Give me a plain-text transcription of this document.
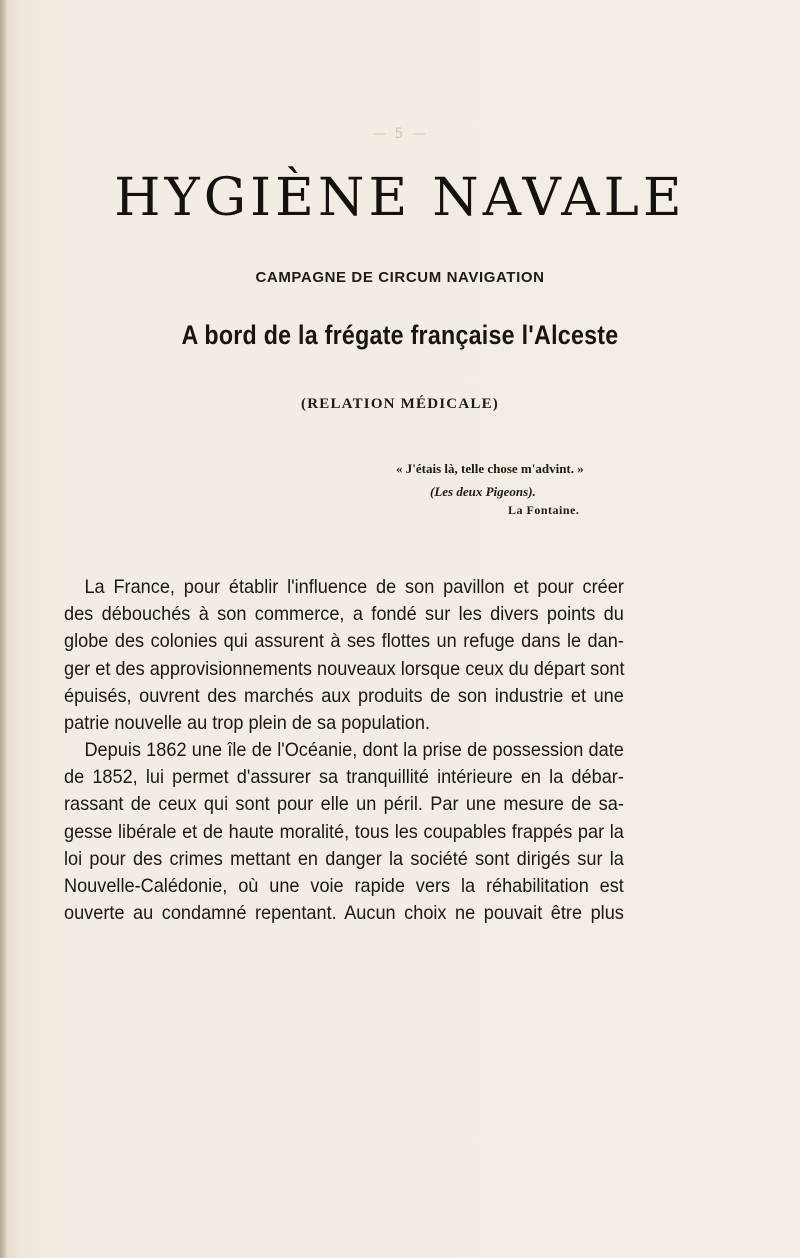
— 5 —
HYGIÈNE NAVALE
CAMPAGNE DE CIRCUM NAVIGATION
A bord de la frégate française l'Alceste
(RELATION MÉDICALE)
« J'étais là, telle chose m'advint. »
(Les deux Pigeons).
La Fontaine.
La France, pour établir l'influence de son pavillon et pour créer
des débouchés à son commerce, a fondé sur les divers points du
globe des colonies qui assurent à ses flottes un refuge dans le dan-
ger et des approvisionnements nouveaux lorsque ceux du départ sont
épuisés, ouvrent des marchés aux produits de son industrie et une
patrie nouvelle au trop plein de sa population.
Depuis 1862 une île de l'Océanie, dont la prise de possession date
de 1852, lui permet d'assurer sa tranquillité intérieure en la débar-
rassant de ceux qui sont pour elle un péril. Par une mesure de sa-
gesse libérale et de haute moralité, tous les coupables frappés par la
loi pour des crimes mettant en danger la société sont dirigés sur la
Nouvelle-Calédonie, où une voie rapide vers la réhabilitation est
ouverte au condamné repentant. Aucun choix ne pouvait être plus
